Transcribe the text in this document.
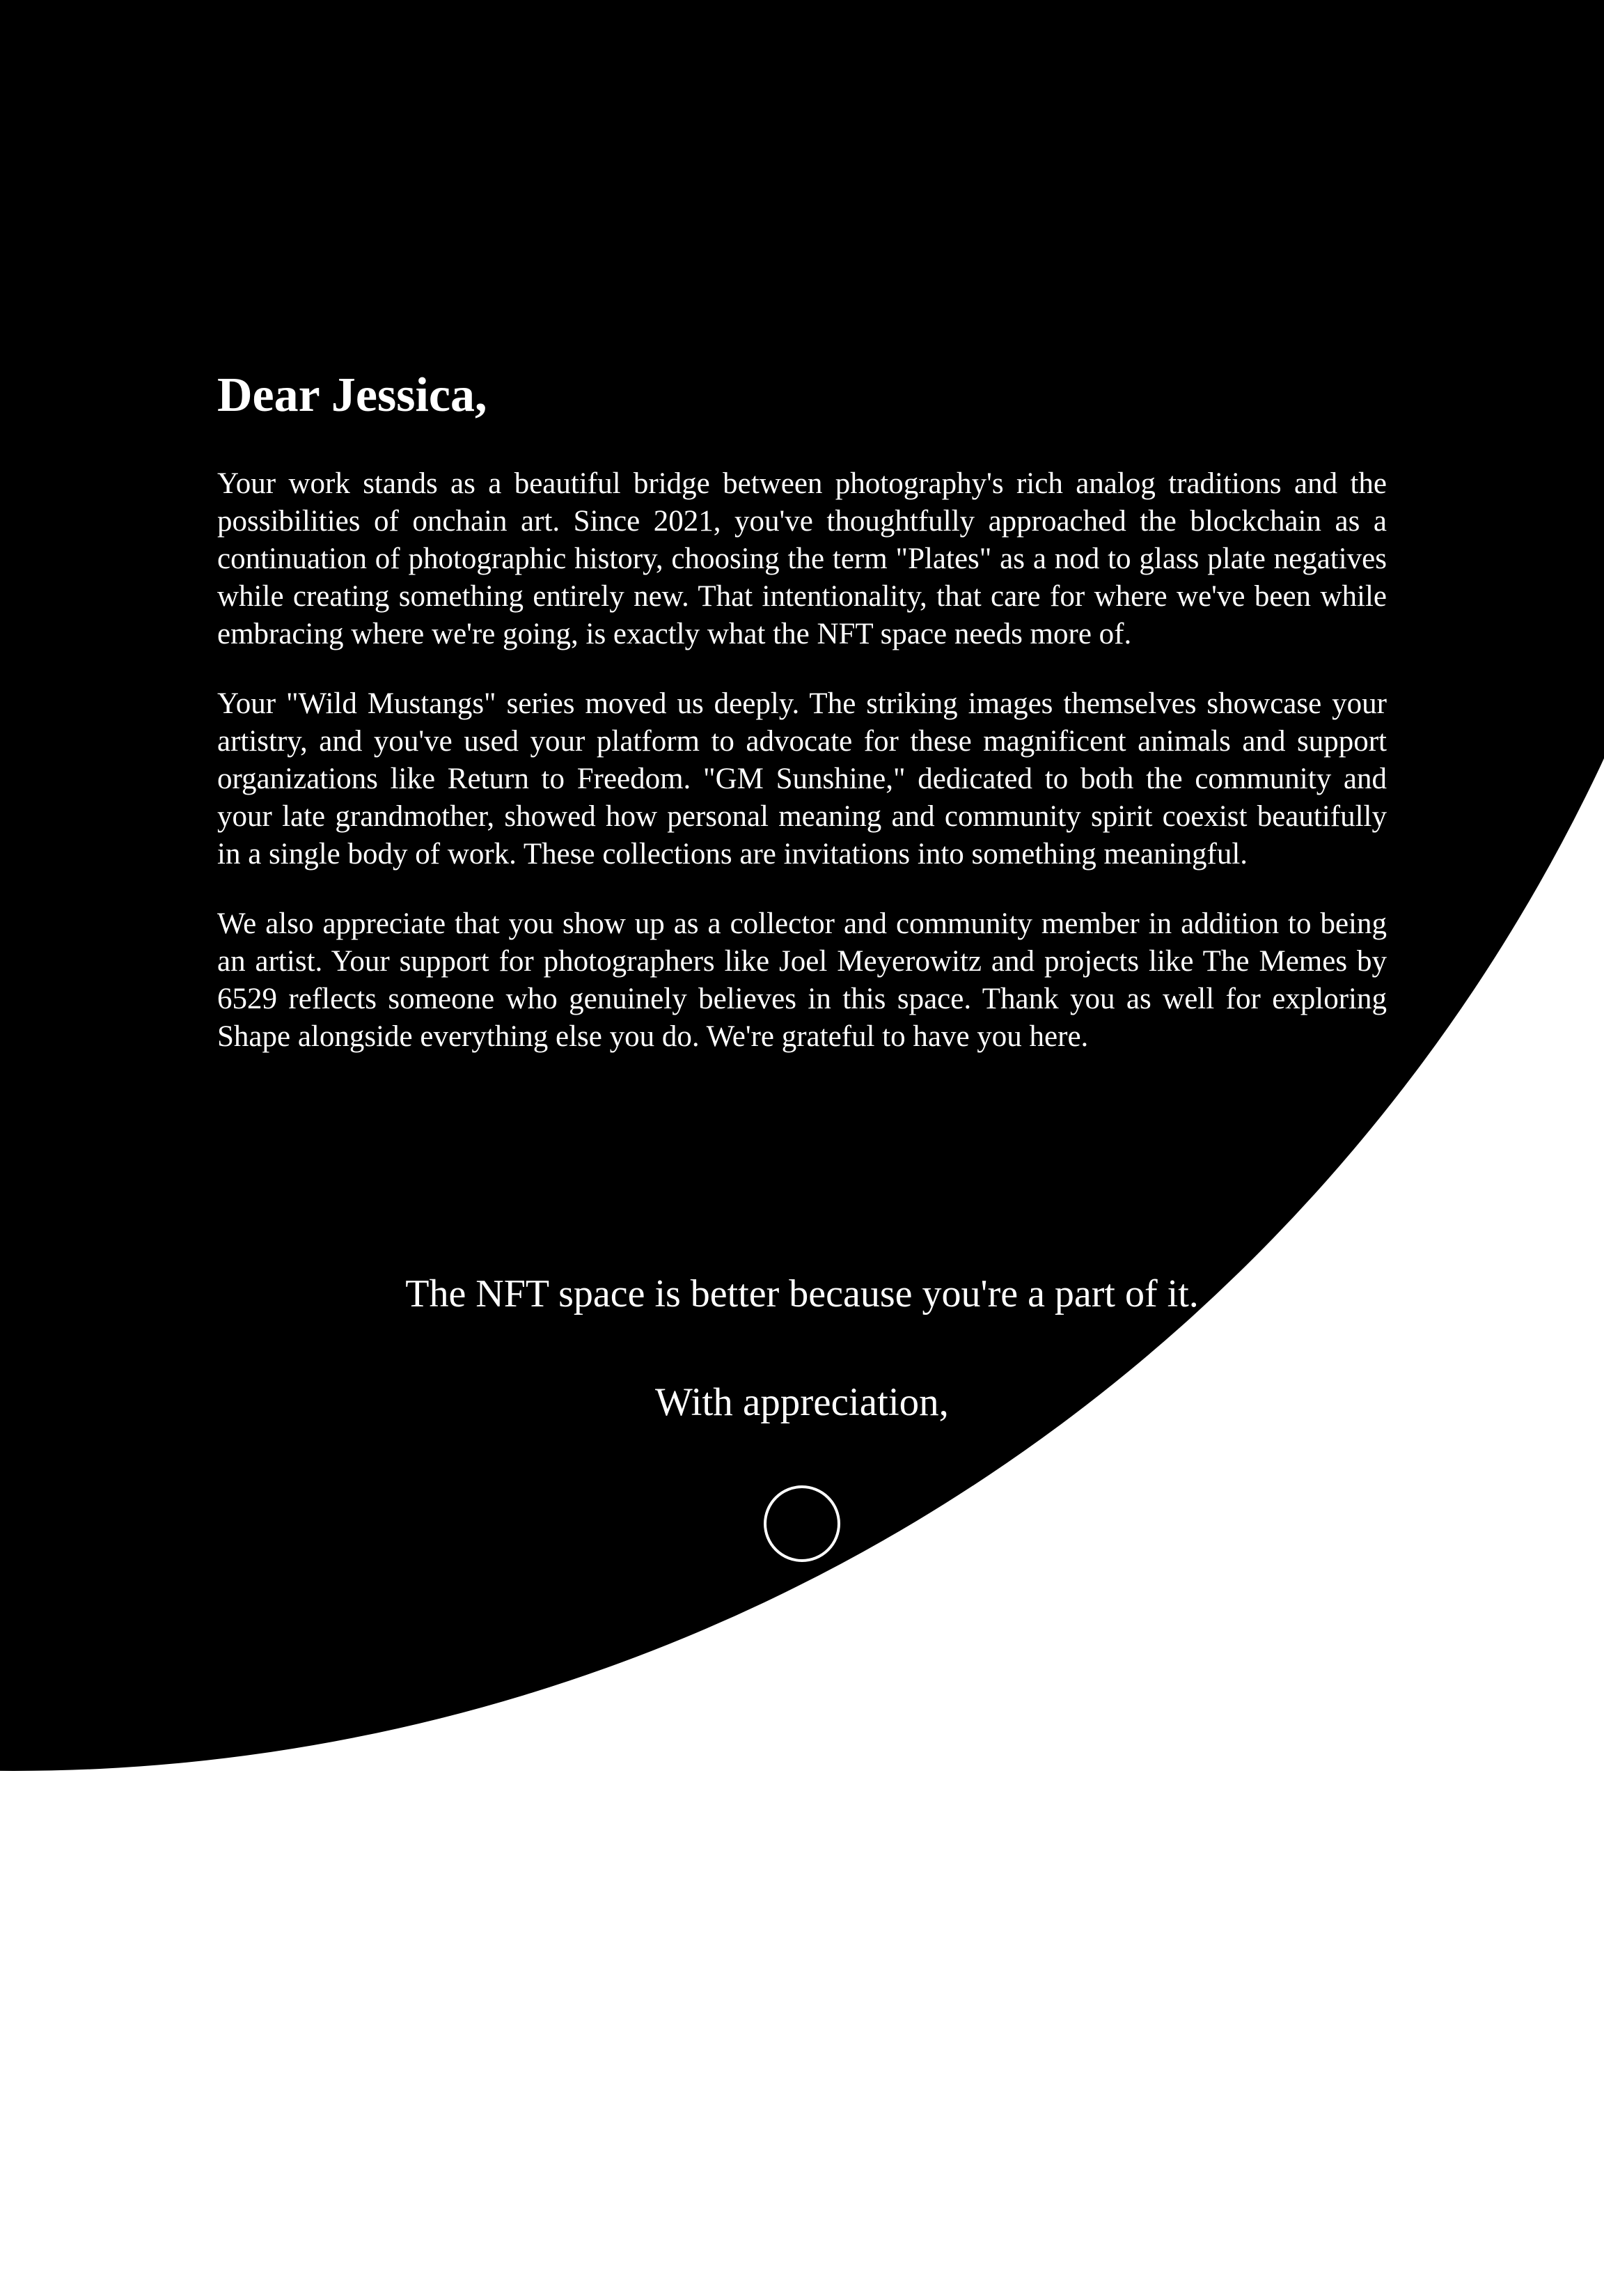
Dear Jessica,

Your work stands as a beautiful bridge between photography's rich analog traditions and the possibilities of onchain art. Since 2021, you've thoughtfully approached the blockchain as a continuation of photographic history, choosing the term "Plates" as a nod to glass plate negatives while creating something entirely new. That intentionality, that care for where we've been while embracing where we're going, is exactly what the NFT space needs more of.

Your "Wild Mustangs" series moved us deeply. The striking images themselves showcase your artistry, and you've used your platform to advocate for these magnificent animals and support organizations like Return to Freedom. "GM Sunshine," dedicated to both the community and your late grandmother, showed how personal meaning and community spirit coexist beautifully in a single body of work. These collections are invitations into something meaningful.

We also appreciate that you show up as a collector and community member in addition to being an artist. Your support for photographers like Joel Meyerowitz and projects like The Memes by 6529 reflects someone who genuinely believes in this space. Thank you as well for exploring Shape alongside everything else you do. We're grateful to have you here.

The NFT space is better because you're a part of it.
With appreciation,
